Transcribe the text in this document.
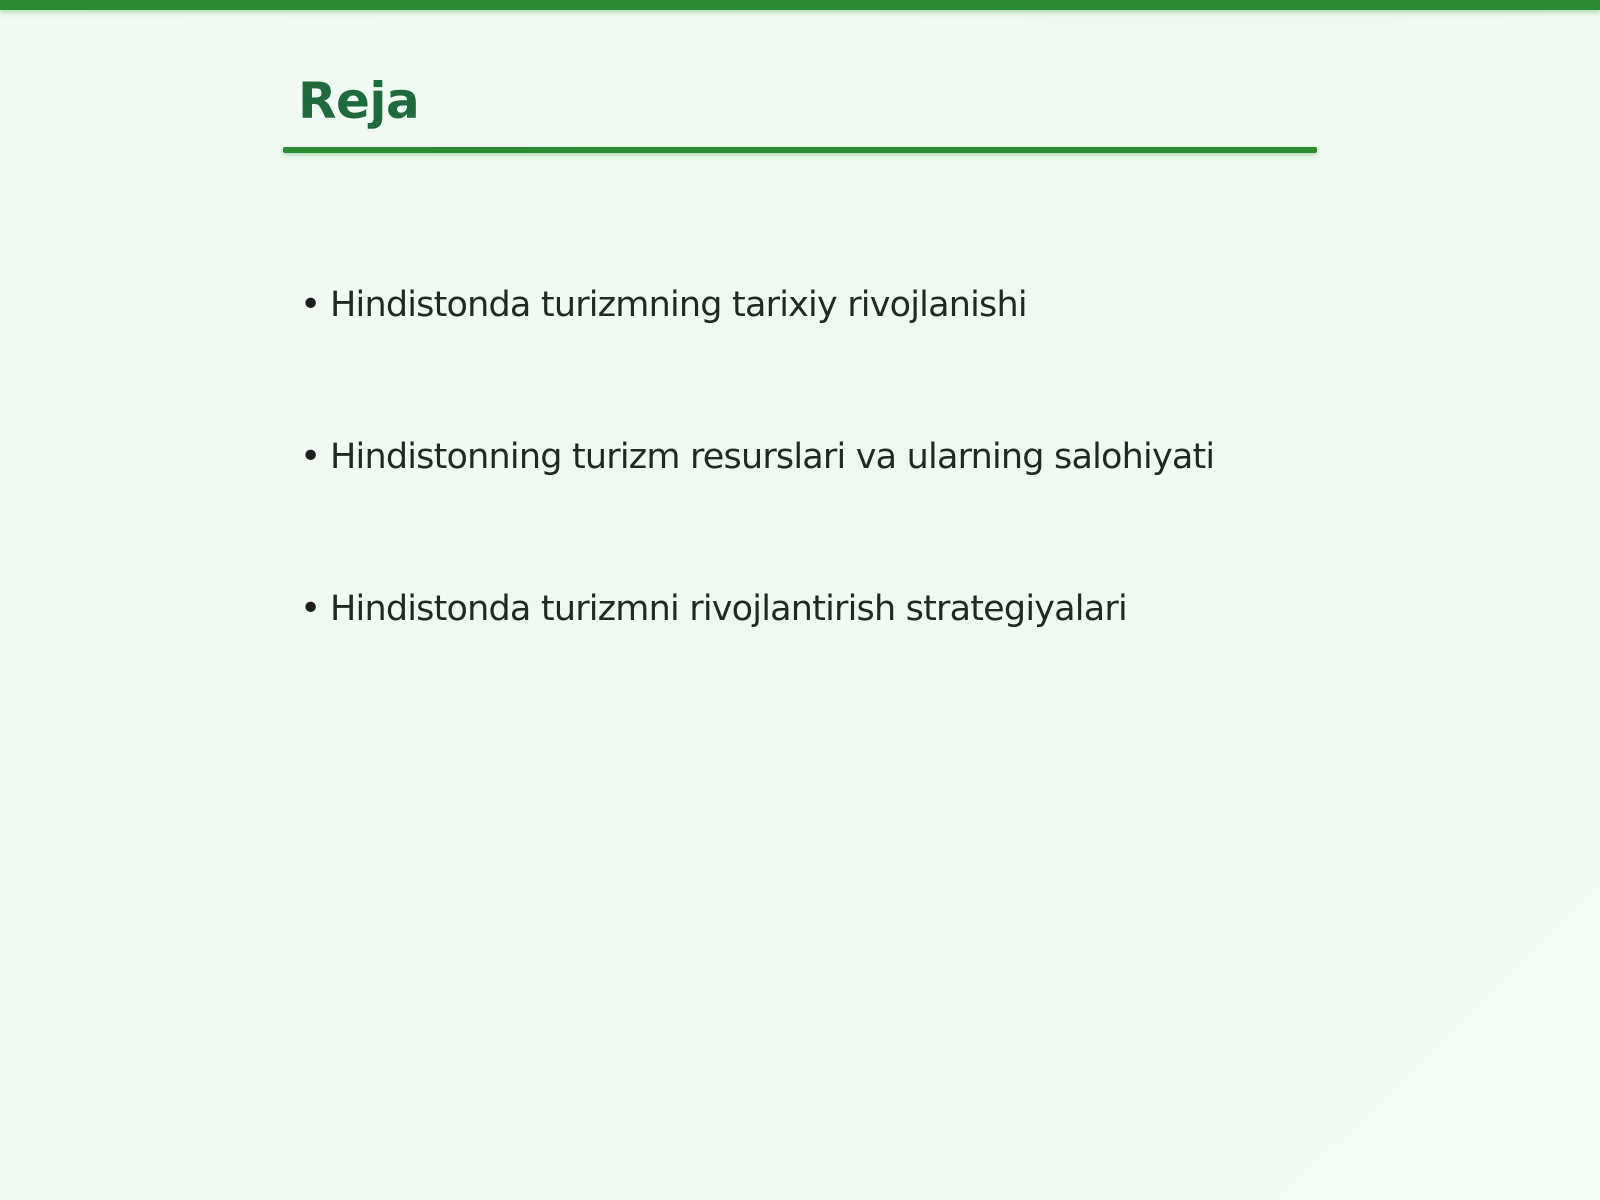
Reja
• Hindistonda turizmning tarixiy rivojlanishi
• Hindistonning turizm resurslari va ularning salohiyati
• Hindistonda turizmni rivojlantirish strategiyalari
